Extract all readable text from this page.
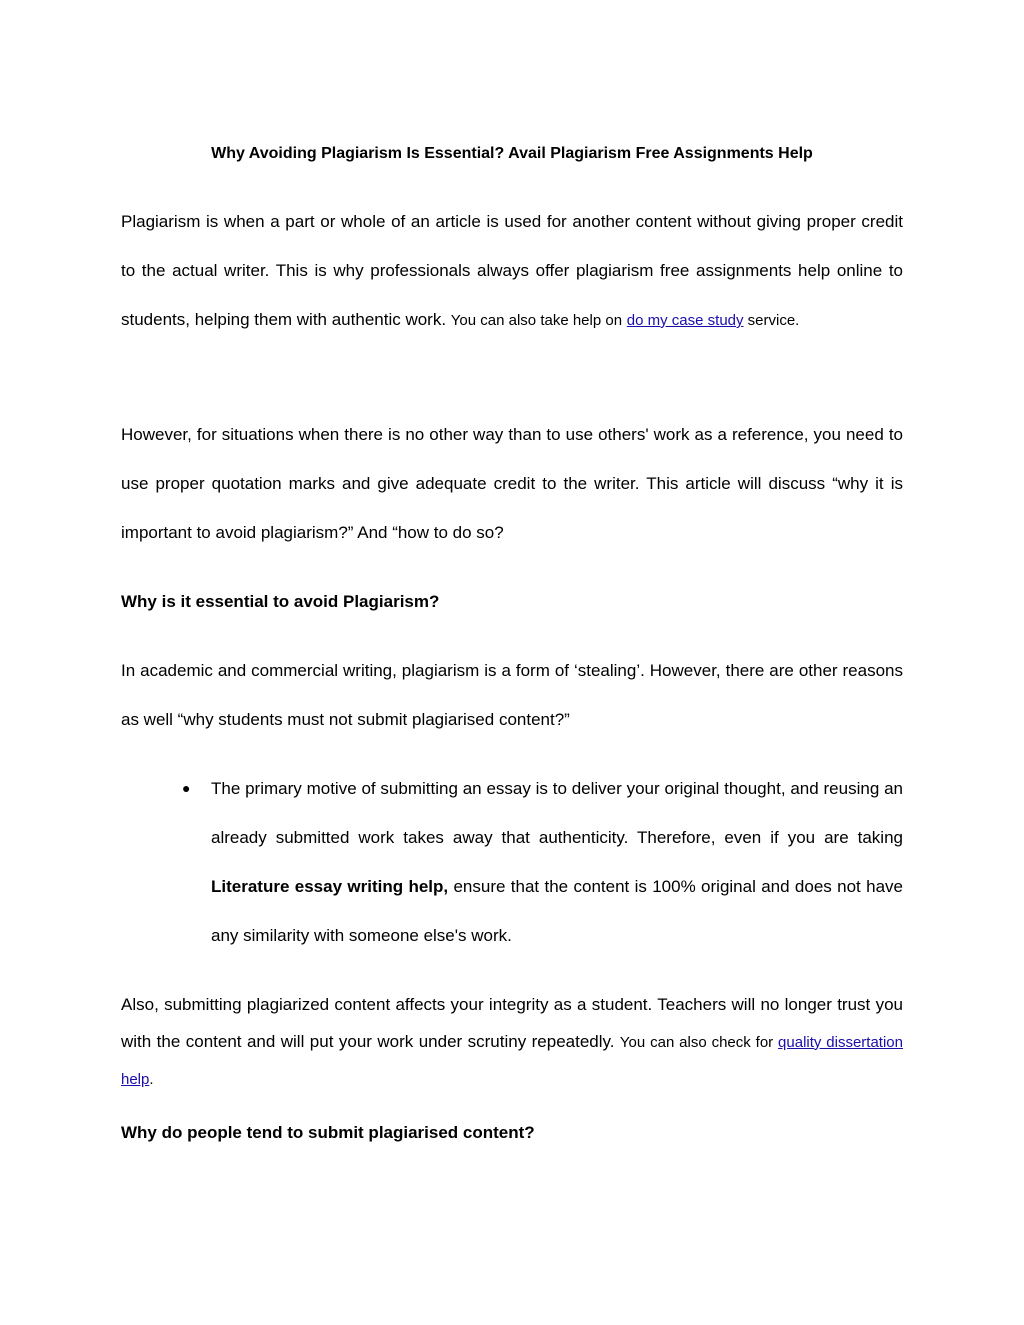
Why Avoiding Plagiarism Is Essential? Avail Plagiarism Free Assignments Help
Plagiarism is when a part or whole of an article is used for another content without giving proper credit to the actual writer. This is why professionals always offer plagiarism free assignments help online to students, helping them with authentic work. You can also take help on do my case study service.
However, for situations when there is no other way than to use others' work as a reference, you need to use proper quotation marks and give adequate credit to the writer. This article will discuss “why it is important to avoid plagiarism?” And “how to do so?
Why is it essential to avoid Plagiarism?
In academic and commercial writing, plagiarism is a form of ‘stealing’. However, there are other reasons as well “why students must not submit plagiarised content?”
●	The primary motive of submitting an essay is to deliver your original thought, and reusing an already submitted work takes away that authenticity. Therefore, even if you are taking Literature essay writing help, ensure that the content is 100% original and does not have any similarity with someone else's work.
Also, submitting plagiarized content affects your integrity as a student. Teachers will no longer trust you with the content and will put your work under scrutiny repeatedly. You can also check for quality dissertation help.
Why do people tend to submit plagiarised content?
